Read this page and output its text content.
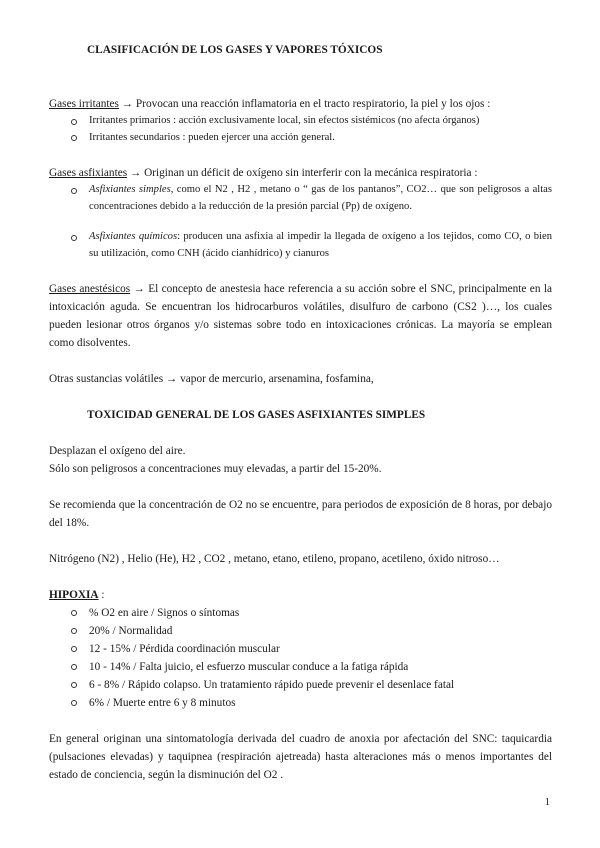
CLASIFICACIÓN DE LOS GASES Y VAPORES TÓXICOS
Gases irritantes → Provocan una reacción inflamatoria en el tracto respiratorio, la piel y los ojos :
Irritantes primarios : acción exclusivamente local, sin efectos sistémicos (no afecta órganos)
Irritantes secundarios : pueden ejercer una acción general.
Gases asfixiantes → Originan un déficit de oxígeno sin interferir con la mecánica respiratoria :
Asfixiantes simples, como el N2 , H2 , metano o “ gas de los pantanos”, CO2… que son peligrosos a altas concentraciones debido a la reducción de la presión parcial (Pp) de oxígeno.
Asfixiantes químicos: producen una asfixia al impedir la llegada de oxígeno a los tejidos, como CO, o bien su utilización, como CNH (ácido cianhídrico) y cianuros
Gases anestésicos → El concepto de anestesia hace referencia a su acción sobre el SNC, principalmente en la intoxicación aguda. Se encuentran los hidrocarburos volátiles, disulfuro de carbono (CS2 )…, los cuales pueden lesionar otros órganos y/o sistemas sobre todo en intoxicaciones crónicas. La mayoría se emplean como disolventes.
Otras sustancias volátiles → vapor de mercurio, arsenamina, fosfamina,
TOXICIDAD GENERAL DE LOS GASES ASFIXIANTES SIMPLES
Desplazan el oxígeno del aire.
Sólo son peligrosos a concentraciones muy elevadas, a partir del 15-20%.
Se recomienda que la concentración de O2 no se encuentre, para periodos de exposición de 8 horas, por debajo del 18%.
Nitrógeno (N2) , Helio (He), H2 , CO2 , metano, etano, etileno, propano, acetileno, óxido nitroso…
HIPOXIA :
% O2 en aire / Signos o síntomas
20% / Normalidad
12 - 15% / Pérdida coordinación muscular
10 - 14% / Falta juicio, el esfuerzo muscular conduce a la fatiga rápida
6 - 8% / Rápido colapso. Un tratamiento rápido puede prevenir el desenlace fatal
6% / Muerte entre 6 y 8 minutos
En general originan una sintomatología derivada del cuadro de anoxia por afectación del SNC: taquicardia (pulsaciones elevadas) y taquipnea (respiración ajetreada) hasta alteraciones más o menos importantes del estado de conciencia, según la disminución del O2 .
1
